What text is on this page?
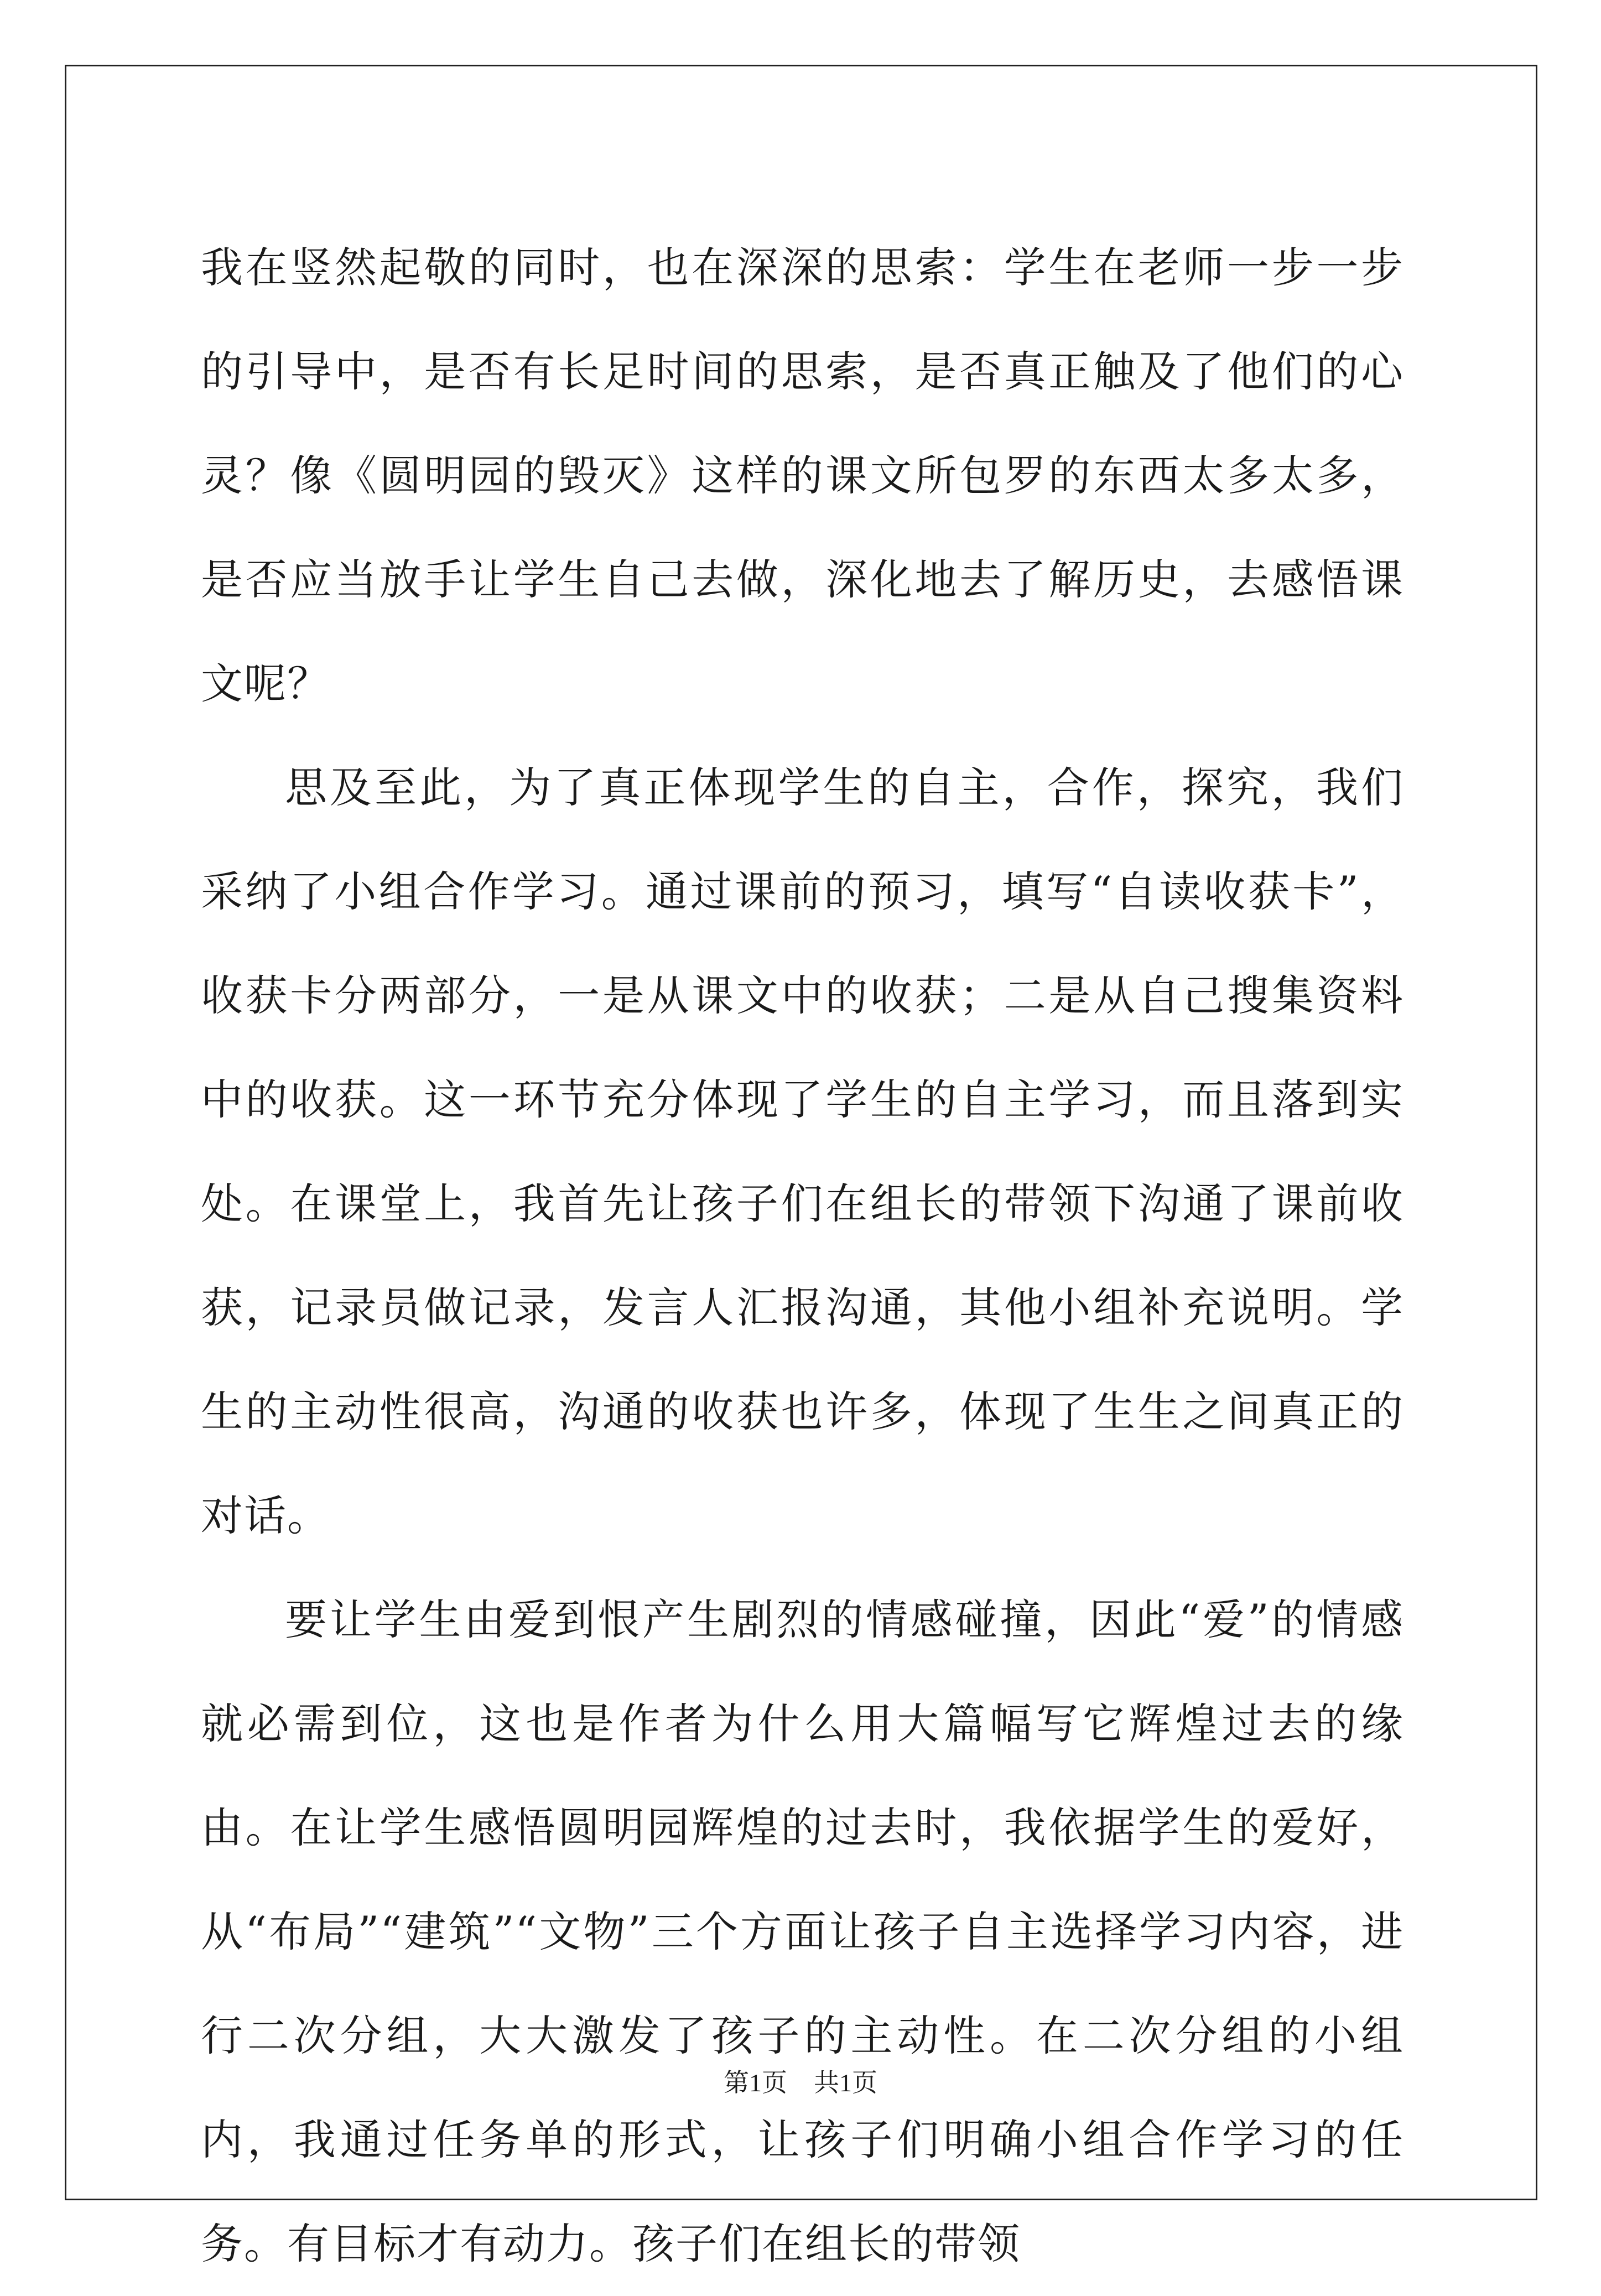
我在竖然起敬的同时，也在深深的思索：学生在老师一步一步的引导中，是否有长足时间的思索，是否真正触及了他们的心灵？像《圆明园的毁灭》这样的课文所包罗的东西太多太多，是否应当放手让学生自己去做，深化地去了解历史，去感悟课文呢？

思及至此，为了真正体现学生的自主，合作，探究，我们采纳了小组合作学习。通过课前的预习，填写“自读收获卡”，收获卡分两部分，一是从课文中的收获；二是从自己搜集资料中的收获。这一环节充分体现了学生的自主学习，而且落到实处。在课堂上，我首先让孩子们在组长的带领下沟通了课前收获，记录员做记录，发言人汇报沟通，其他小组补充说明。学生的主动性很高，沟通的收获也许多，体现了生生之间真正的对话。

要让学生由爱到恨产生剧烈的情感碰撞，因此“爱”的情感就必需到位，这也是作者为什么用大篇幅写它辉煌过去的缘由。在让学生感悟圆明园辉煌的过去时，我依据学生的爱好，从“布局”“建筑”“文物”三个方面让孩子自主选择学习内容，进行二次分组，大大激发了孩子的主动性。在二次分组的小组内，我通过任务单的形式，让孩子们明确小组合作学习的任务。有目标才有动力。孩子们在组长的带领

第1页 共1页
